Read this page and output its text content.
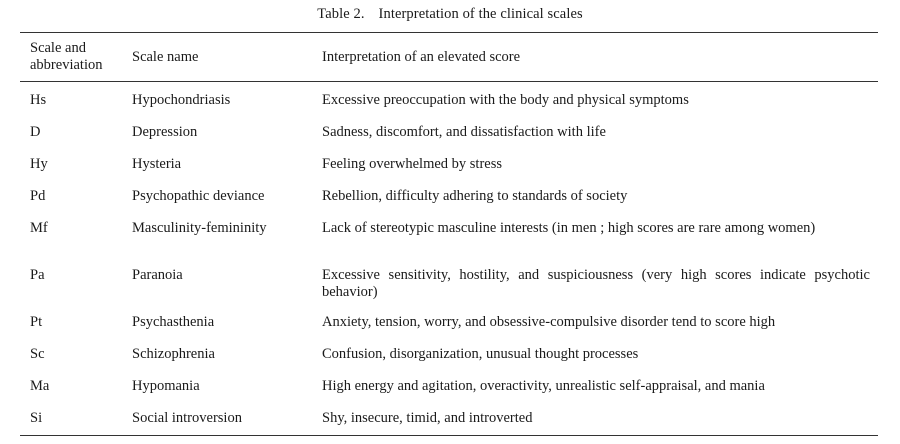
Table 2. Interpretation of the clinical scales
Scale and
abbreviation	Scale name	Interpretation of an elevated score
Hs	Hypochondriasis	Excessive preoccupation with the body and physical symptoms
D	Depression	Sadness, discomfort, and dissatisfaction with life
Hy	Hysteria	Feeling overwhelmed by stress
Pd	Psychopathic deviance	Rebellion, difficulty adhering to standards of society
Mf	Masculinity-femininity	Lack of stereotypic masculine interests (in men ; high scores are rare among women)
Pa	Paranoia	Excessive sensitivity, hostility, and suspiciousness (very high scores indicate psychotic behavior)
Pt	Psychasthenia	Anxiety, tension, worry, and obsessive-compulsive disorder tend to score high
Sc	Schizophrenia	Confusion, disorganization, unusual thought processes
Ma	Hypomania	High energy and agitation, overactivity, unrealistic self-appraisal, and mania
Si	Social introversion	Shy, insecure, timid, and introverted
